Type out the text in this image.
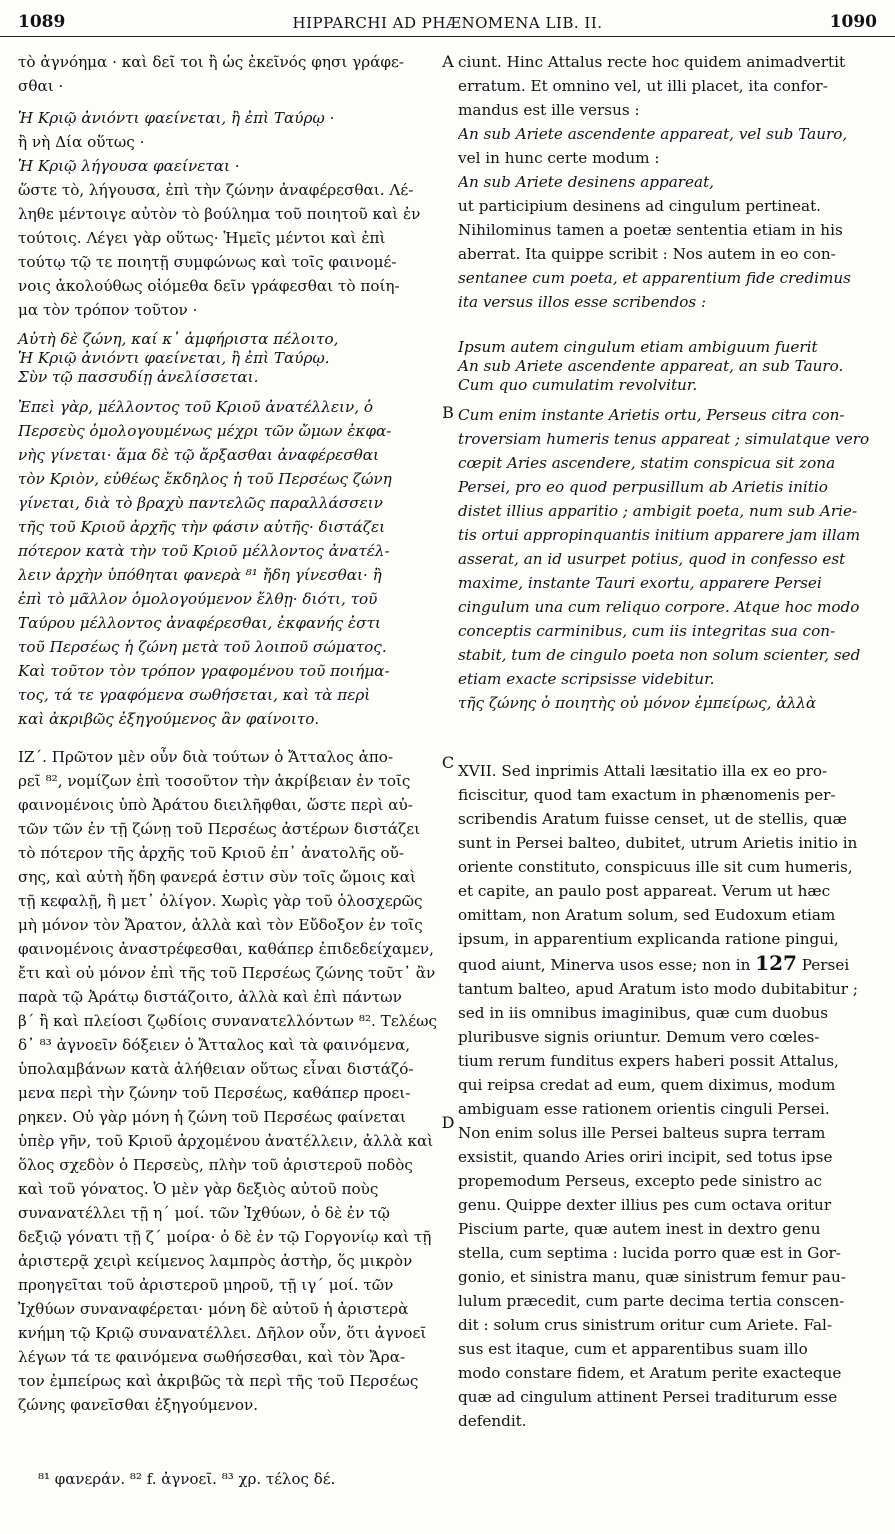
1089	HIPPARCHI AD PHÆNOMENA LIB. II.	1090
A
B
C
D
τὸ ἀγνόημα · καὶ δεῖ τοι ἢ ὡς ἐκεῖνός φησι γράφε-
σθαι ·
Ἡ Κριῷ ἀνιόντι φαείνεται, ἢ ἐπὶ Ταύρῳ ·
ἢ νὴ Δία οὕτως ·
Ἡ Κριῷ λήγουσα φαείνεται ·
ὥστε τὸ, λήγουσα, ἐπὶ τὴν ζώνην ἀναφέρεσθαι. Λέ-
ληθε μέντοιγε αὐτὸν τὸ βούλημα τοῦ ποιητοῦ καὶ ἐν
τούτοις. Λέγει γὰρ οὕτως· Ἡμεῖς μέντοι καὶ ἐπὶ
τούτῳ τῷ τε ποιητῇ συμφώνως καὶ τοῖς φαινομέ-
νοις ἀκολούθως οἰόμεθα δεῖν γράφεσθαι τὸ ποίη-
μα τὸν τρόπον τοῦτον ·
Αὐτὴ δὲ ζώνη, καί κ᾽ ἀμφήριστα πέλοιτο,
Ἡ Κριῷ ἀνιόντι φαείνεται, ἢ ἐπὶ Ταύρῳ.
Σὺν τῷ πασσυδίῃ ἀνελίσσεται.
Ἐπεὶ γὰρ, μέλλοντος τοῦ Κριοῦ ἀνατέλλειν, ὁ
Περσεὺς ὁμολογουμένως μέχρι τῶν ὤμων ἐκφα-
νὴς γίνεται· ἅμα δὲ τῷ ἄρξασθαι ἀναφέρεσθαι
τὸν Κριὸν, εὐθέως ἔκδηλος ἡ τοῦ Περσέως ζώνη
γίνεται, διὰ τὸ βραχὺ παντελῶς παραλλάσσειν
τῆς τοῦ Κριοῦ ἀρχῆς τὴν φάσιν αὐτῆς· διστάζει
πότερον κατὰ τὴν τοῦ Κριοῦ μέλλοντος ἀνατέλ-
λειν ἀρχὴν ὑπόθηται φανερὰ ⁸¹ ἤδη γίνεσθαι· ἢ
ἐπὶ τὸ μᾶλλον ὁμολογούμενον ἔλθῃ· διότι, τοῦ
Ταύρου μέλλοντος ἀναφέρεσθαι, ἐκφανής ἐστι
τοῦ Περσέως ἡ ζώνη μετὰ τοῦ λοιποῦ σώματος.
Καὶ τοῦτον τὸν τρόπον γραφομένου τοῦ ποιήμα-
τος, τά τε γραφόμενα σωθήσεται, καὶ τὰ περὶ
καὶ ἀκριβῶς ἐξηγούμενος ἂν φαίνοιτο.
ΙΖ΄. Πρῶτον μὲν οὖν διὰ τούτων ὁ Ἄτταλος ἀπο-
ρεῖ ⁸², νομίζων ἐπὶ τοσοῦτον τὴν ἀκρίβειαν ἐν τοῖς
φαινομένοις ὑπὸ Ἀράτου διειλῆφθαι, ὥστε περὶ αὐ-
τῶν τῶν ἐν τῇ ζώνῃ τοῦ Περσέως ἀστέρων διστάζει
τὸ πότερον τῆς ἀρχῆς τοῦ Κριοῦ ἐπ᾽ ἀνατολῆς οὔ-
σης, καὶ αὐτὴ ἤδη φανερά ἐστιν σὺν τοῖς ὤμοις καὶ
τῇ κεφαλῇ, ἢ μετ᾽ ὀλίγον. Χωρὶς γὰρ τοῦ ὁλοσχερῶς
μὴ μόνον τὸν Ἄρατον, ἀλλὰ καὶ τὸν Εὔδοξον ἐν τοῖς
φαινομένοις ἀναστρέφεσθαι, καθάπερ ἐπιδεδείχαμεν,
ἔτι καὶ οὐ μόνον ἐπὶ τῆς τοῦ Περσέως ζώνης τοῦτ᾽ ἂν
παρὰ τῷ Ἀράτῳ διστάζοιτο, ἀλλὰ καὶ ἐπὶ πάντων
β΄ ἢ καὶ πλείοσι ζῳδίοις συνανατελλόντων ⁸². Τελέως
δ᾽ ⁸³ ἀγνοεῖν δόξειεν ὁ Ἄτταλος καὶ τὰ φαινόμενα,
ὑπολαμβάνων κατὰ ἀλήθειαν οὕτως εἶναι διστάζό-
μενα περὶ τὴν ζώνην τοῦ Περσέως, καθάπερ προει-
ρηκεν. Οὐ γὰρ μόνη ἡ ζώνη τοῦ Περσέως φαίνεται
ὑπὲρ γῆν, τοῦ Κριοῦ ἀρχομένου ἀνατέλλειν, ἀλλὰ καὶ
ὅλος σχεδὸν ὁ Περσεὺς, πλὴν τοῦ ἀριστεροῦ ποδὸς
καὶ τοῦ γόνατος. Ὁ μὲν γὰρ δεξιὸς αὐτοῦ ποὺς
συνανατέλλει τῇ η΄ μοί. τῶν Ἰχθύων, ὁ δὲ ἐν τῷ
δεξιῷ γόνατι τῇ ζ΄ μοίρα· ὁ δὲ ἐν τῷ Γοργονίῳ καὶ τῇ
ἀριστερᾷ χειρὶ κείμενος λαμπρὸς ἀστὴρ, ὅς μικρὸν
προηγεῖται τοῦ ἀριστεροῦ μηροῦ, τῇ ιγ΄ μοί. τῶν
Ἰχθύων συναναφέρεται· μόνη δὲ αὐτοῦ ἡ ἀριστερὰ
κνήμη τῷ Κριῷ συνανατέλλει. Δῆλον οὖν, ὅτι ἀγνοεῖ
λέγων τά τε φαινόμενα σωθήσεσθαι, καὶ τὸν Ἄρα-
τον ἐμπείρως καὶ ἀκριβῶς τὰ περὶ τῆς τοῦ Περσέως
ζώνης φανεῖσθαι ἐξηγούμενον.
ciunt. Hinc Attalus recte hoc quidem animadvertit
erratum. Et omnino vel, ut illi placet, ita confor-
mandus est ille versus :
An sub Ariete ascendente appareat, vel sub Tauro,
vel in hunc certe modum :
An sub Ariete desinens appareat,
ut participium desinens ad cingulum pertineat.
Nihilominus tamen a poetæ sententia etiam in his
aberrat. Ita quippe scribit : Nos autem in eo con-
sentanee cum poeta, et apparentium fide credimus
ita versus illos esse scribendos :
Ipsum autem cingulum etiam ambiguum fuerit
An sub Ariete ascendente appareat, an sub Tauro.
Cum quo cumulatim revolvitur.
Cum enim instante Arietis ortu, Perseus citra con-
troversiam humeris tenus appareat ; simulatque vero
cœpit Aries ascendere, statim conspicua sit zona
Persei, pro eo quod perpusillum ab Arietis initio
distet illius apparitio ; ambigit poeta, num sub Arie-
tis ortui appropinquantis initium apparere jam illam
asserat, an id usurpet potius, quod in confesso est
maxime, instante Tauri exortu, apparere Persei
cingulum una cum reliquo corpore. Atque hoc modo
conceptis carminibus, cum iis integritas sua con-
stabit, tum de cingulo poeta non solum scienter, sed
etiam exacte scripsisse videbitur.
τῆς ζώνης ὁ ποιητὴς οὐ μόνον ἐμπείρως, ἀλλὰ
XVII. Sed inprimis Attali læsitatio illa ex eo pro-
ficiscitur, quod tam exactum in phænomenis per-
scribendis Aratum fuisse censet, ut de stellis, quæ
sunt in Persei balteo, dubitet, utrum Arietis initio in
oriente constituto, conspicuus ille sit cum humeris,
et capite, an paulo post appareat. Verum ut hæc
omittam, non Aratum solum, sed Eudoxum etiam
ipsum, in apparentium explicanda ratione pingui,
quod aiunt, Minerva usos esse; non in 127 Persei
tantum balteo, apud Aratum isto modo dubitabitur ;
sed in iis omnibus imaginibus, quæ cum duobus
pluribusve signis oriuntur. Demum vero cœles-
tium rerum funditus expers haberi possit Attalus,
qui reipsa credat ad eum, quem diximus, modum
ambiguam esse rationem orientis cinguli Persei.
Non enim solus ille Persei balteus supra terram
exsistit, quando Aries oriri incipit, sed totus ipse
propemodum Perseus, excepto pede sinistro ac
genu. Quippe dexter illius pes cum octava oritur
Piscium parte, quæ autem inest in dextro genu
stella, cum septima : lucida porro quæ est in Gor-
gonio, et sinistra manu, quæ sinistrum femur pau-
lulum præcedit, cum parte decima tertia conscen-
dit : solum crus sinistrum oritur cum Ariete. Fal-
sus est itaque, cum et apparentibus suam illo
modo constare fidem, et Aratum perite exacteque
quæ ad cingulum attinent Persei traditurum esse
defendit.
⁸¹ φανεράν. ⁸² f. ἀγνοεῖ. ⁸³ χρ. τέλος δέ.
